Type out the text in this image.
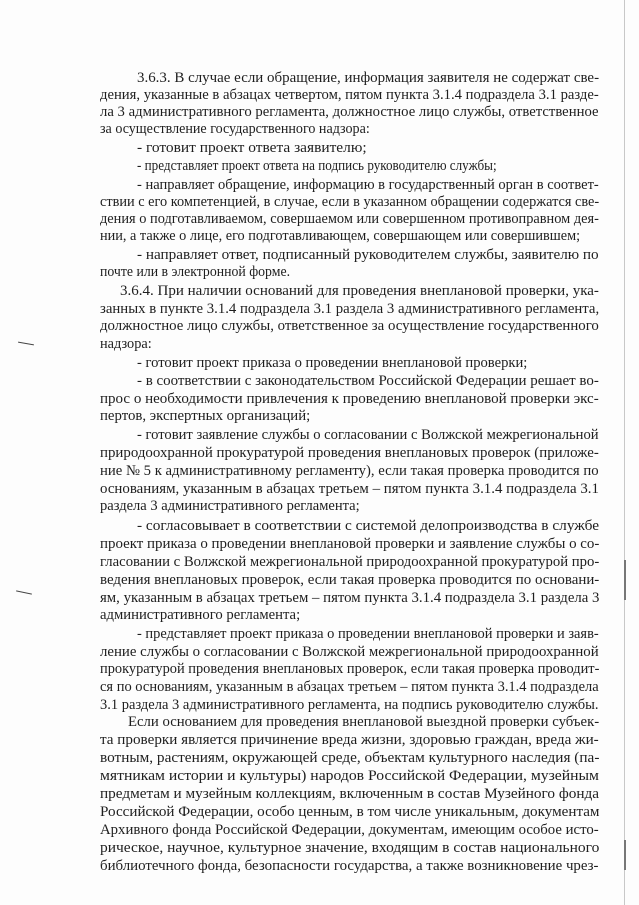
3.6.3. В случае если обращение, информация заявителя не содержат све-
дения, указанные в абзацах четвертом, пятом пункта 3.1.4 подраздела 3.1 разде-
ла 3 административного регламента, должностное лицо службы, ответственное
за осуществление государственного надзора:
- готовит проект ответа заявителю;
- представляет проект ответа на подпись руководителю службы;
- направляет обращение, информацию в государственный орган в соответ-
ствии с его компетенцией, в случае, если в указанном обращении содержатся све-
дения о подготавливаемом, совершаемом или совершенном противоправном дея-
нии, а также о лице, его подготавливающем, совершающем или совершившем;
- направляет ответ, подписанный руководителем службы, заявителю по
почте или в электронной форме.
3.6.4. При наличии оснований для проведения внеплановой проверки, ука-
занных в пункте 3.1.4 подраздела 3.1 раздела 3 административного регламента,
должностное лицо службы, ответственное за осуществление государственного
надзора:
- готовит проект приказа о проведении внеплановой проверки;
- в соответствии с законодательством Российской Федерации решает во-
прос о необходимости привлечения к проведению внеплановой проверки экс-
пертов, экспертных организаций;
- готовит заявление службы о согласовании с Волжской межрегиональной
природоохранной прокуратурой проведения внеплановых проверок (приложе-
ние № 5 к административному регламенту), если такая проверка проводится по
основаниям, указанным в абзацах третьем – пятом пункта 3.1.4 подраздела 3.1
раздела 3 административного регламента;
- согласовывает в соответствии с системой делопроизводства в службе
проект приказа о проведении внеплановой проверки и заявление службы о со-
гласовании с Волжской межрегиональной природоохранной прокуратурой про-
ведения внеплановых проверок, если такая проверка проводится по основани-
ям, указанным в абзацах третьем – пятом пункта 3.1.4 подраздела 3.1 раздела 3
административного регламента;
- представляет проект приказа о проведении внеплановой проверки и заяв-
ление службы о согласовании с Волжской межрегиональной природоохранной
прокуратурой проведения внеплановых проверок, если такая проверка проводит-
ся по основаниям, указанным в абзацах третьем – пятом пункта 3.1.4 подраздела
3.1 раздела 3 административного регламента, на подпись руководителю службы.
Если основанием для проведения внеплановой выездной проверки субъек-
та проверки является причинение вреда жизни, здоровью граждан, вреда жи-
вотным, растениям, окружающей среде, объектам культурного наследия (па-
мятникам истории и культуры) народов Российской Федерации, музейным
предметам и музейным коллекциям, включенным в состав Музейного фонда
Российской Федерации, особо ценным, в том числе уникальным, документам
Архивного фонда Российской Федерации, документам, имеющим особое исто-
рическое, научное, культурное значение, входящим в состав национального
библиотечного фонда, безопасности государства, а также возникновение чрез-
